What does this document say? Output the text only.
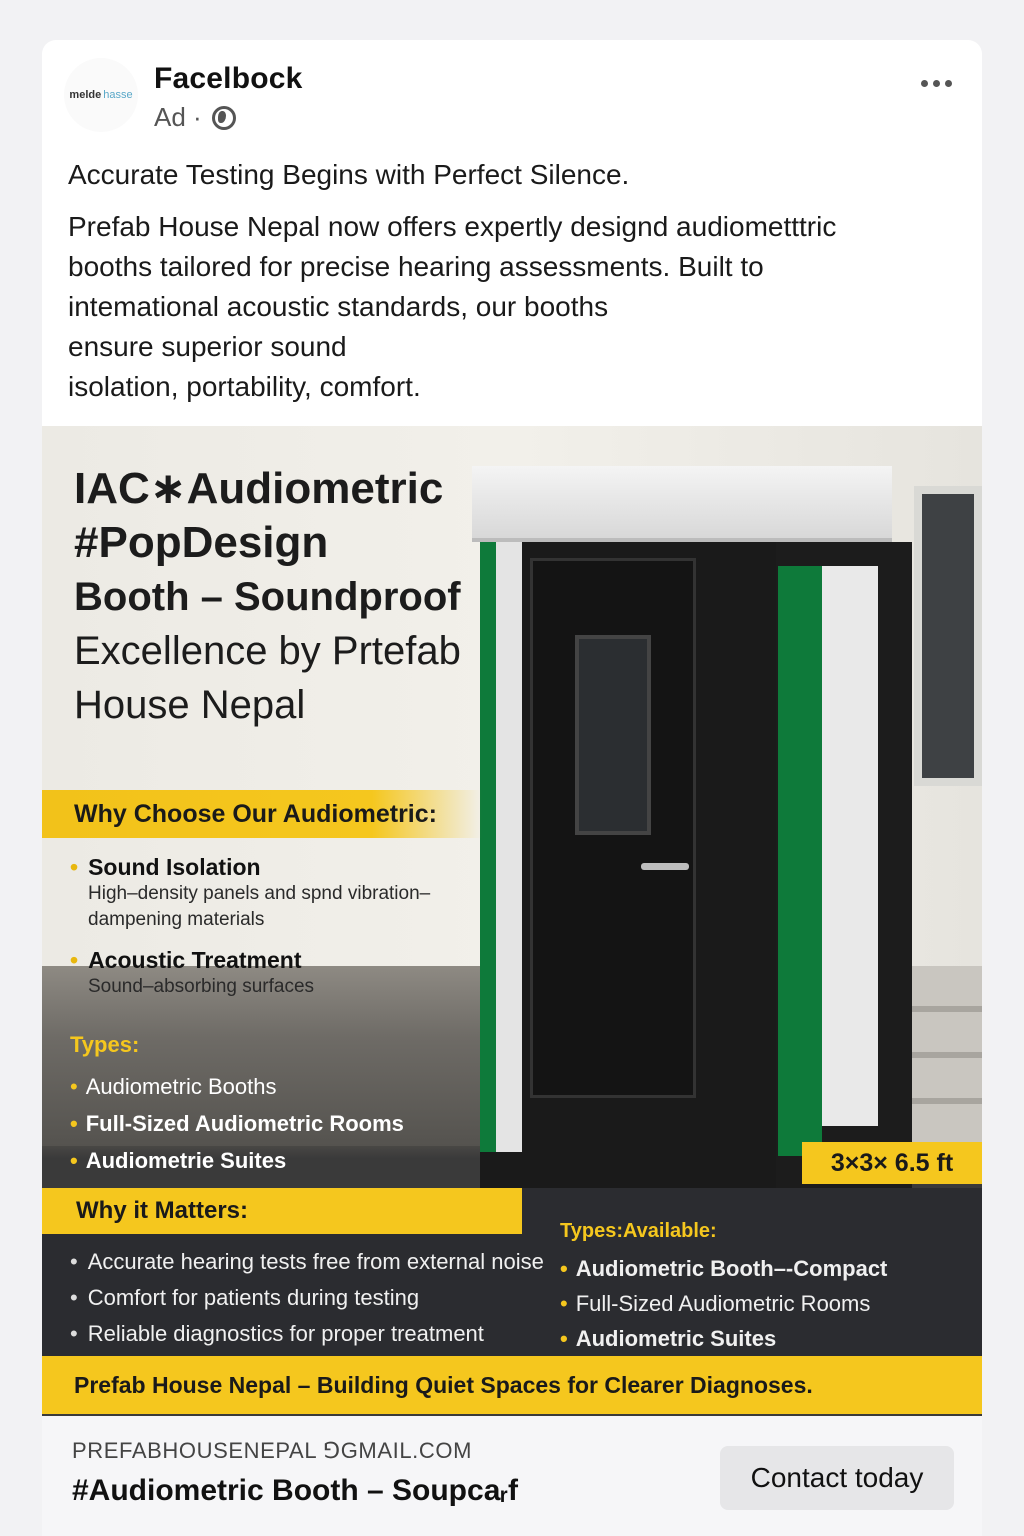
melde hasse Facelbock
Ad ·

Accurate Testing Begins with Perfect Silence.

Prefab House Nepal now offers expertly designd audiometttric

booths tailored for precise hearing assessments. Built to

intemational acoustic standards, our booths

ensure superior sound

isolation, portability, comfort.

IAC∗Audiometric
#PopDesign
Booth – Soundproof
Excellence by Prtefab
House Nepal
Why Choose Our Audiometric:
• Sound Isolation
High–density panels and spnd vibration–dampening materials
• Acoustic Treatment
Sound–absorbing surfaces
Types:
• Audiometric Booths
• Full-Sized Audiometric Rooms
• Audiometrie Suites	3×3× 6.5 ft
Why it Matters:
• Accurate hearing tests free from external noise
• Comfort for patients during testing
• Reliable diagnostics for proper treatment
Types:Available:
• Audiometric Booth–-Compact
• Full-Sized Audiometric Rooms
• Audiometric Suites
Prefab House Nepal – Building Quiet Spaces for Clearer Diagnoses.
PREFABHOUSENEPAL ⅁GMAIL.COM
#Audiometric Booth – Soupcaᵣf	Contact today
